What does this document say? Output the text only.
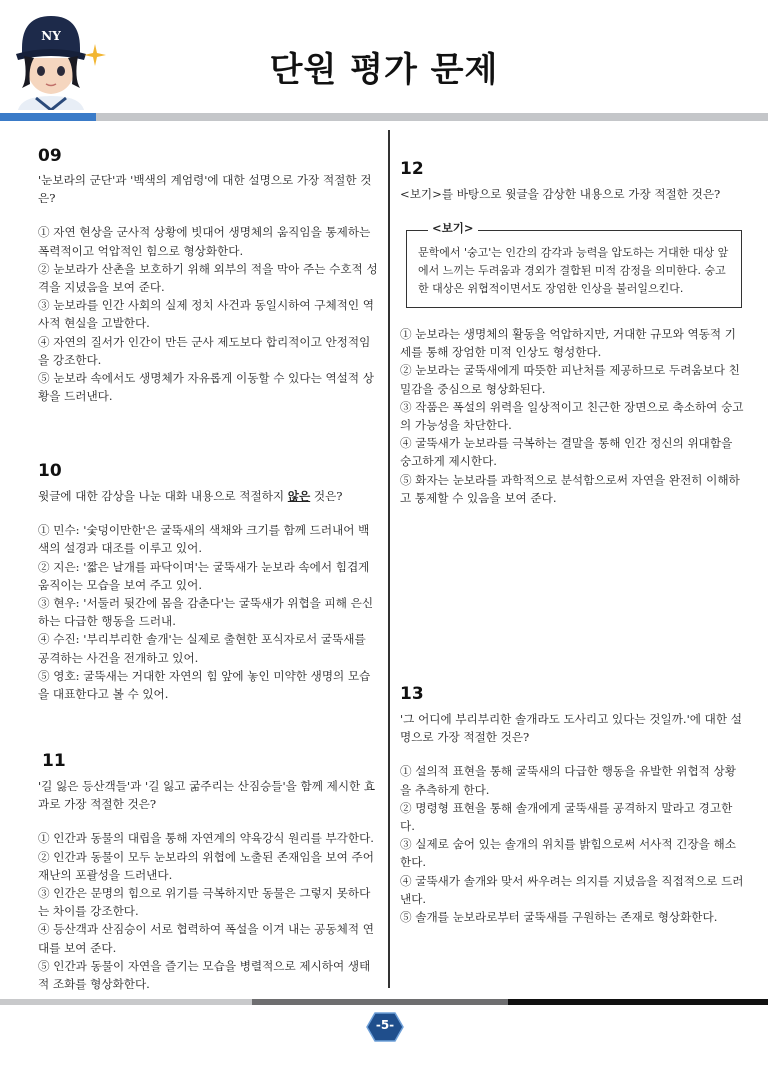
NY
단원 평가 문제
09

'눈보라의 군단'과 '백색의 계엄령'에 대한 설명으로 가장 적절한 것은?

① 자연 현상을 군사적 상황에 빗대어 생명체의 움직임을 통제하는 폭력적이고 억압적인 힘으로 형상화한다.

② 눈보라가 산촌을 보호하기 위해 외부의 적을 막아 주는 수호적 성격을 지녔음을 보여 준다.

③ 눈보라를 인간 사회의 실제 정치 사건과 동일시하여 구체적인 역사적 현실을 고발한다.

④ 자연의 질서가 인간이 만든 군사 제도보다 합리적이고 안정적임을 강조한다.

⑤ 눈보라 속에서도 생명체가 자유롭게 이동할 수 있다는 역설적 상황을 드러낸다.

10

윗글에 대한 감상을 나눈 대화 내용으로 적절하지 않은 것은?

① 민수: '숯덩이만한'은 굴뚝새의 색채와 크기를 함께 드러내어 백색의 설경과 대조를 이루고 있어.

② 지은: '짧은 날개를 파닥이며'는 굴뚝새가 눈보라 속에서 힘겹게 움직이는 모습을 보여 주고 있어.

③ 현우: '서둘러 뒷간에 몸을 감춘다'는 굴뚝새가 위협을 피해 은신하는 다급한 행동을 드러내.

④ 수진: '부리부리한 솔개'는 실제로 출현한 포식자로서 굴뚝새를 공격하는 사건을 전개하고 있어.

⑤ 영호: 굴뚝새는 거대한 자연의 힘 앞에 놓인 미약한 생명의 모습을 대표한다고 볼 수 있어.

11

'길 잃은 등산객들'과 '길 잃고 굶주리는 산짐승들'을 함께 제시한 효과로 가장 적절한 것은?

① 인간과 동물의 대립을 통해 자연계의 약육강식 원리를 부각한다.

② 인간과 동물이 모두 눈보라의 위협에 노출된 존재임을 보여 주어 재난의 포괄성을 드러낸다.

③ 인간은 문명의 힘으로 위기를 극복하지만 동물은 그렇지 못하다는 차이를 강조한다.

④ 등산객과 산짐승이 서로 협력하여 폭설을 이겨 내는 공동체적 연대를 보여 준다.

⑤ 인간과 동물이 자연을 즐기는 모습을 병렬적으로 제시하여 생태적 조화를 형상화한다.

12

<보기>를 바탕으로 윗글을 감상한 내용으로 가장 적절한 것은?

<보기>
문학에서 '숭고'는 인간의 감각과 능력을 압도하는 거대한 대상 앞에서 느끼는 두려움과 경외가 결합된 미적 감정을 의미한다. 숭고한 대상은 위협적이면서도 장엄한 인상을 불러일으킨다.

① 눈보라는 생명체의 활동을 억압하지만, 거대한 규모와 역동적 기세를 통해 장엄한 미적 인상도 형성한다.

② 눈보라는 굴뚝새에게 따뜻한 피난처를 제공하므로 두려움보다 친밀감을 중심으로 형상화된다.

③ 작품은 폭설의 위력을 일상적이고 친근한 장면으로 축소하여 숭고의 가능성을 차단한다.

④ 굴뚝새가 눈보라를 극복하는 결말을 통해 인간 정신의 위대함을 숭고하게 제시한다.

⑤ 화자는 눈보라를 과학적으로 분석함으로써 자연을 완전히 이해하고 통제할 수 있음을 보여 준다.

13

'그 어디에 부리부리한 솔개라도 도사리고 있다는 것일까.'에 대한 설명으로 가장 적절한 것은?

① 설의적 표현을 통해 굴뚝새의 다급한 행동을 유발한 위협적 상황을 추측하게 한다.

② 명령형 표현을 통해 솔개에게 굴뚝새를 공격하지 말라고 경고한다.

③ 실제로 숨어 있는 솔개의 위치를 밝힘으로써 서사적 긴장을 해소한다.

④ 굴뚝새가 솔개와 맞서 싸우려는 의지를 지녔음을 직접적으로 드러낸다.

⑤ 솔개를 눈보라로부터 굴뚝새를 구원하는 존재로 형상화한다.

-5-
